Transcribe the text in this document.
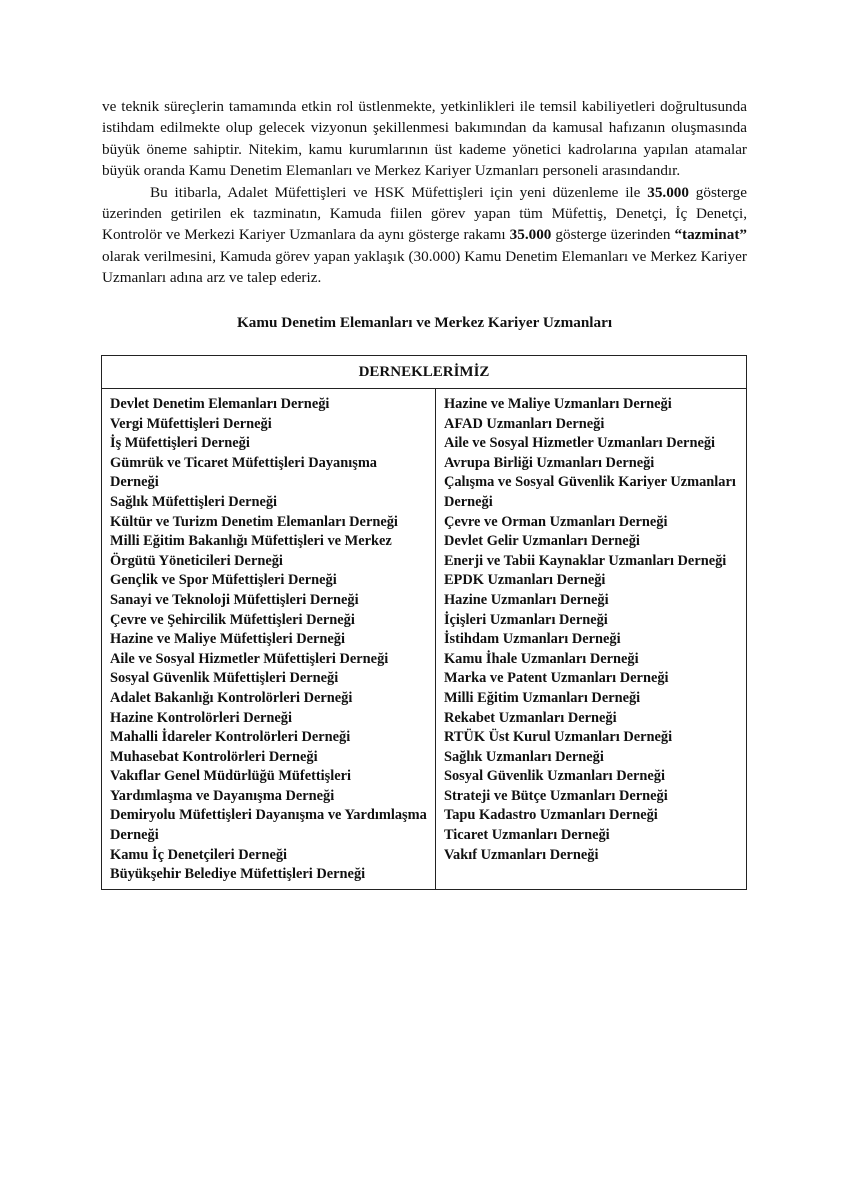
ve teknik süreçlerin tamamında etkin rol üstlenmekte, yetkinlikleri ile temsil kabiliyetleri doğrultusunda istihdam edilmekte olup gelecek vizyonun şekillenmesi bakımından da kamusal hafızanın oluşmasında büyük öneme sahiptir. Nitekim, kamu kurumlarının üst kademe yönetici kadrolarına yapılan atamalar büyük oranda Kamu Denetim Elemanları ve Merkez Kariyer Uzmanları personeli arasındandır.

Bu itibarla, Adalet Müfettişleri ve HSK Müfettişleri için yeni düzenleme ile 35.000 gösterge üzerinden getirilen ek tazminatın, Kamuda fiilen görev yapan tüm Müfettiş, Denetçi, İç Denetçi, Kontrolör ve Merkezi Kariyer Uzmanlara da aynı gösterge rakamı 35.000 gösterge üzerinden “tazminat” olarak verilmesini, Kamuda görev yapan yaklaşık (30.000) Kamu Denetim Elemanları ve Merkez Kariyer Uzmanları adına arz ve talep ederiz.

Kamu Denetim Elemanları ve Merkez Kariyer Uzmanları
DERNEKLERİMİZ

Devlet Denetim Elemanları Derneği
Vergi Müfettişleri Derneği
İş Müfettişleri Derneği
Gümrük ve Ticaret Müfettişleri Dayanışma Derneği
Sağlık Müfettişleri Derneği
Kültür ve Turizm Denetim Elemanları Derneği
Milli Eğitim Bakanlığı Müfettişleri ve Merkez Örgütü Yöneticileri Derneği
Gençlik ve Spor Müfettişleri Derneği
Sanayi ve Teknoloji Müfettişleri Derneği
Çevre ve Şehircilik Müfettişleri Derneği
Hazine ve Maliye Müfettişleri Derneği
Aile ve Sosyal Hizmetler Müfettişleri Derneği
Sosyal Güvenlik Müfettişleri Derneği
Adalet Bakanlığı Kontrolörleri Derneği
Hazine Kontrolörleri Derneği
Mahalli İdareler Kontrolörleri Derneği
Muhasebat Kontrolörleri Derneği
Vakıflar Genel Müdürlüğü Müfettişleri Yardımlaşma ve Dayanışma Derneği
Demiryolu Müfettişleri Dayanışma ve Yardımlaşma Derneği
Kamu İç Denetçileri Derneği
Büyükşehir Belediye Müfettişleri Derneği

Hazine ve Maliye Uzmanları Derneği
AFAD Uzmanları Derneği
Aile ve Sosyal Hizmetler Uzmanları Derneği
Avrupa Birliği Uzmanları Derneği
Çalışma ve Sosyal Güvenlik Kariyer Uzmanları Derneği
Çevre ve Orman Uzmanları Derneği
Devlet Gelir Uzmanları Derneği
Enerji ve Tabii Kaynaklar Uzmanları Derneği
EPDK Uzmanları Derneği
Hazine Uzmanları Derneği
İçişleri Uzmanları Derneği
İstihdam Uzmanları Derneği
Kamu İhale Uzmanları Derneği
Marka ve Patent Uzmanları Derneği
Milli Eğitim Uzmanları Derneği
Rekabet Uzmanları Derneği
RTÜK Üst Kurul Uzmanları Derneği
Sağlık Uzmanları Derneği
Sosyal Güvenlik Uzmanları Derneği
Strateji ve Bütçe Uzmanları Derneği
Tapu Kadastro Uzmanları Derneği
Ticaret Uzmanları Derneği
Vakıf Uzmanları Derneği
